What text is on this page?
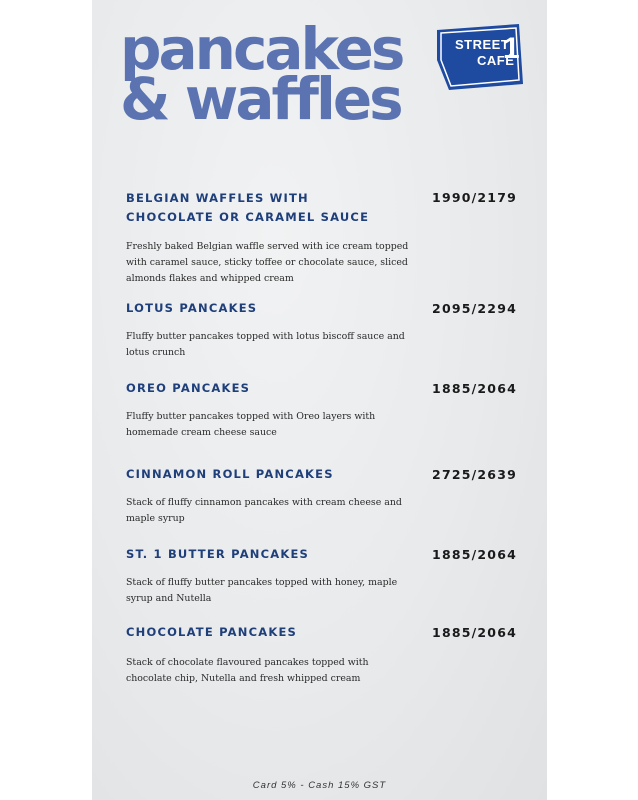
pancakes
& waffles
STREET
CAFÉ
1
BELGIAN WAFFLES WITH CHOCOLATE OR CARAMEL SAUCE
1990/2179
Freshly baked Belgian waffle served with ice cream topped with caramel sauce, sticky toffee or chocolate sauce, sliced almonds flakes and whipped cream
LOTUS PANCAKES	2095/2294
Fluffy butter pancakes topped with lotus biscoff sauce and lotus crunch
OREO PANCAKES	1885/2064
Fluffy butter pancakes topped with Oreo layers with homemade cream cheese sauce
CINNAMON ROLL PANCAKES	2725/2639
Stack of fluffy cinnamon pancakes with cream cheese and maple syrup
ST. 1 BUTTER PANCAKES	1885/2064
Stack of fluffy butter pancakes topped with honey, maple syrup and Nutella
CHOCOLATE PANCAKES	1885/2064
Stack of chocolate flavoured pancakes topped with chocolate chip, Nutella and fresh whipped cream
Card 5% - Cash 15% GST
